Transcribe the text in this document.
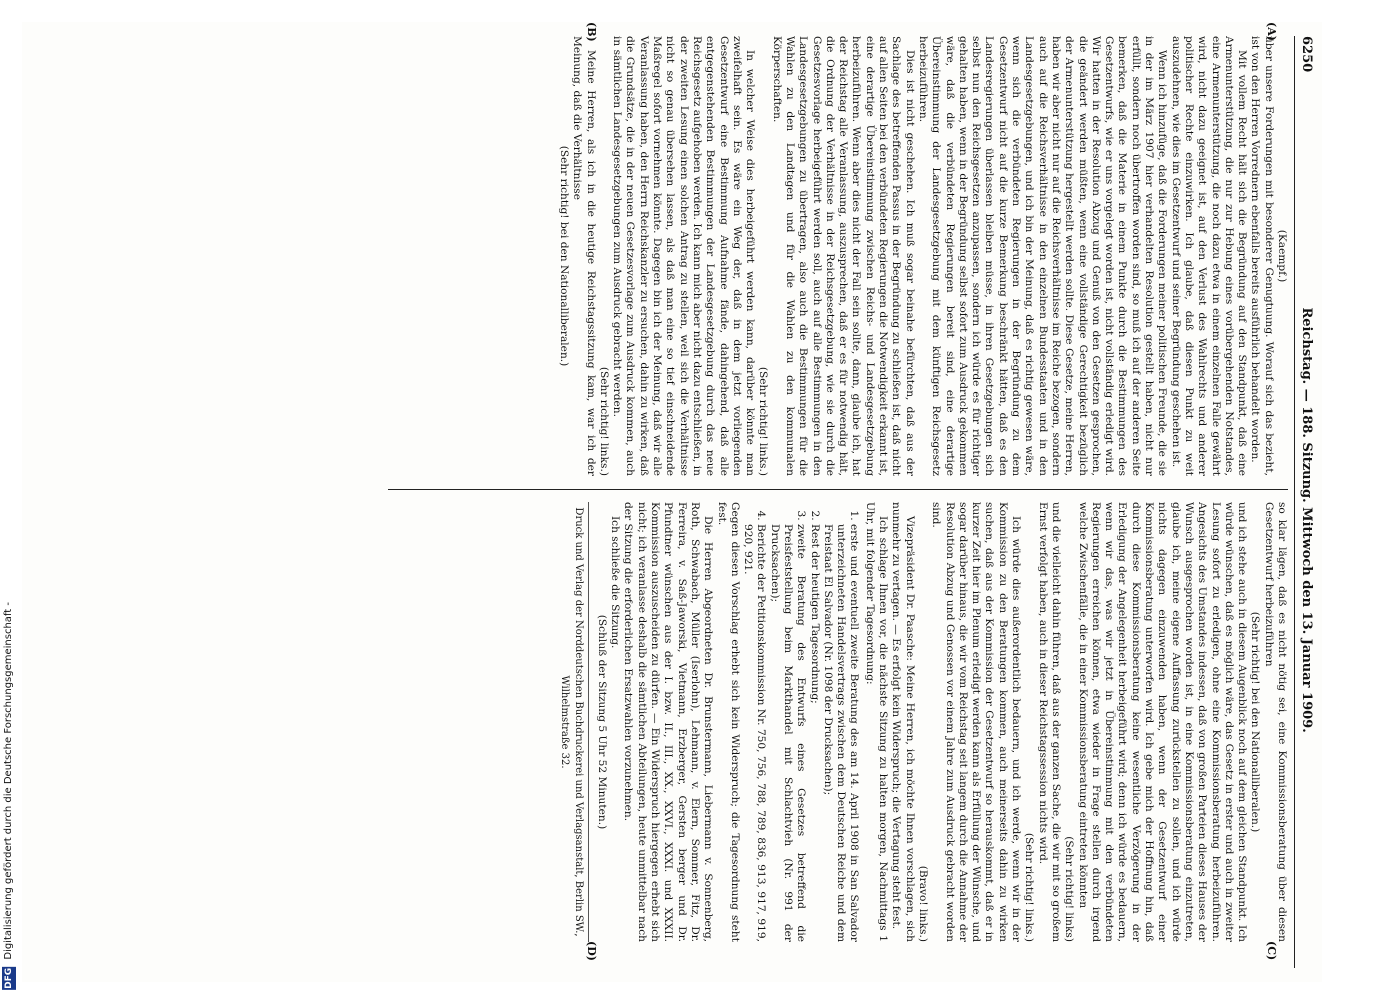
6250
Reichstag. — 188. Sitzung. Mittwoch den 13. Januar 1909.
(A)
(B)
(C)
(D)

(Kaempf.)

über unsere Forderungen mit besonderer Genugtuung. Worauf sich das bezieht, ist von den Herren Vorrednern ebenfalls bereits ausführlich behandelt worden.

Mit vollem Recht hält sich die Begründung auf den Standpunkt, daß eine Armenunterstützung, die nur zur Hebung eines vorübergehenden Notstandes, eine Armenunterstützung, die noch dazu etwa in einem einzelnen Falle gewährt wird, nicht dazu geeignet ist, auf den Verlust des Wahlrechts und anderer politischer Rechte einzuwirken. Ich glaube, daß diesen Punkt zu weit auszudehnen, wie dies im Gesetzentwurf und seiner Begründung geschehen ist.

Wenn ich hinzufüge, daß die Forderungen meiner politischen Freunde, die sie in der im März 1907 hier verhandelten Resolution gestellt haben, nicht nur erfüllt, sondern noch übertroffen worden sind, so muß ich auf der anderen Seite bemerken, daß die Materie in einem Punkte durch die Bestimmungen des Gesetzentwurfs, wie er uns vorgelegt worden ist, nicht vollständig erledigt wird. Wir hatten in der Resolution Abzug und Genuß von den Gesetzen gesprochen, die geändert werden müßten, wenn eine vollständige Gerechtigkeit bezüglich der Armenunterstützung hergestellt werden sollte. Diese Gesetze, meine Herren, haben wir aber nicht nur auf die Reichsverhältnisse im Reiche bezogen, sondern auch auf die Reichsverhältnisse in den einzelnen Bundesstaaten und in den Landesgesetzgebungen, und ich bin der Meinung, daß es richtig gewesen wäre, wenn sich die verbündeten Regierungen in der Begründung zu dem Gesetzentwurf nicht auf die kurze Bemerkung beschränkt hätten, daß es den Landesregierungen überlassen bleiben müsse, in ihren Gesetzgebungen sich selbst nun den Reichsgesetzen anzupassen, sondern ich würde es für richtiger gehalten haben, wenn in der Begründung selbst sofort zum Ausdruck gekommen wäre, daß die verbündeten Regierungen bereit sind, eine derartige Übereinstimmung der Landesgesetzgebung mit dem künftigen Reichsgesetz herbeizuführen.

Dies ist nicht geschehen. Ich muß sogar beinahe befürchten, daß aus der Sachlage des betreffenden Passus in der Begründung zu schließen ist, daß nicht auf allen Seiten bei den verbündeten Regierungen die Notwendigkeit erkannt ist, eine derartige Übereinstimmung zwischen Reichs- und Landesgesetzgebung herbeizuführen. Wenn aber dies nicht der Fall sein sollte, dann, glaube ich, hat der Reichstag alle Veranlassung, auszusprechen, daß er es für notwendig hält, die Ordnung der Verhältnisse in der Reichsgesetzgebung, wie sie durch die Gesetzesvorlage herbeigeführt werden soll, auch auf alle Bestimmungen in den Landesgesetzgebungen zu übertragen, also auch die Bestimmungen für die Wahlen zu den Landtagen und für die Wahlen zu den kommunalen Körperschaften.

(Sehr richtig! links.)

In welcher Weise dies herbeigeführt werden kann, darüber könnte man zweifelhaft sein. Es wäre ein Weg der, daß in dem jetzt vorliegenden Gesetzentwurf eine Bestimmung Aufnahme fände, dahingehend, daß alle entgegenstehenden Bestimmungen der Landesgesetzgebung durch das neue Reichsgesetz aufgehoben werden. Ich kann mich aber nicht dazu entschließen, in der zweiten Lesung einen solchen Antrag zu stellen, weil sich die Verhältnisse nicht so genau übersehen lassen, als daß man eine so tief einschneidende Maßregel sofort vornehmen könnte. Dagegen bin ich der Meinung, daß wir alle Veranlassung haben, den Herrn Reichskanzler zu ersuchen, dahin zu wirken, daß die Grundsätze, die in der neuen Gesetzesvorlage zum Ausdruck kommen, auch in sämtlichen Landesgesetzgebungen zum Ausdruck gebracht werden.

(Sehr richtig! links.)

Meine Herren, als ich in die heutige Reichstagssitzung kam, war ich der Meinung, daß die Verhältnisse

(Sehr richtig! bei den Nationalliberalen.)

so klar lägen, daß es nicht nötig sei, eine Kommissionsberatung über diesen Gesetzentwurf herbeizuführen

(Sehr richtig! bei den Nationalliberalen.)

und ich stehe auch in diesem Augenblick noch auf dem gleichen Standpunkt. Ich würde wünschen, daß es möglich wäre, das Gesetz in erster und auch in zweiter Lesung sofort zu erledigen, ohne eine Kommissionsberatung herbeizuführen. Angesichts des Umstandes indessen, daß von großen Parteien dieses Hauses der Wunsch ausgesprochen worden ist, in eine Kommissionsberatung einzutreten, glaube ich, meine eigene Auffassung zurückstellen zu sollen, und ich würde nichts dagegen einzuwenden haben, wenn der Gesetzentwurf einer Kommissionsberatung unterworfen wird. Ich gebe mich der Hoffnung hin, daß durch diese Kommissionsberatung keine wesentliche Verzögerung in der Erledigung der Angelegenheit herbeigeführt wird; denn ich würde es bedauern, wenn wir das, was wir jetzt in Übereinstimmung mit den verbündeten Regierungen erreichen können, etwa wieder in Frage stellen durch irgend welche Zwischenfälle, die in einer Kommissionsberatung eintreten könnten

(Sehr richtig! links)

und die vielleicht dahin führen, daß aus der ganzen Sache, die wir mit so großem Ernst verfolgt haben, auch in dieser Reichstagssession nichts wird.

(Sehr richtig! links.)

Ich würde dies außerordentlich bedauern, und ich werde, wenn wir in der Kommission zu den Beratungen kommen, auch meinerseits dahin zu wirken suchen, daß aus der Kommission der Gesetzentwurf so herauskommt, daß er in kurzer Zeit hier im Plenum erledigt werden kann als Erfüllung der Wünsche, und sogar darüber hinaus, die wir vom Reichstag seit langem durch die Annahme der Resolution Abzug und Genossen vor einem Jahre zum Ausdruck gebracht worden sind.

(Bravo! links.)

Vizepräsident Dr. Paasche: Meine Herren, ich möchte Ihnen vorschlagen, sich nunmehr zu vertagen. — Es erfolgt kein Widerspruch; die Vertagung steht fest.

Ich schlage Ihnen vor, die nächste Sitzung zu halten morgen, Nachmittags 1 Uhr, mit folgender Tagesordnung:

1. erste und eventuell zweite Beratung des am 14. April 1908 in San Salvador unterzeichneten Handelsvertrags zwischen dem Deutschen Reiche und dem Freistaat El Salvador (Nr. 1098 der Drucksachen);
2. Rest der heutigen Tagesordnung;
3. zweite Beratung des Entwurfs eines Gesetzes betreffend die Preisfeststellung beim Markthandel mit Schlachtvieh (Nr. 991 der Drucksachen);
4. Berichte der Petitionskommission Nr. 750, 756, 788, 789, 836, 913, 917, 919, 920, 921.

Gegen diesen Vorschlag erhebt sich kein Widerspruch; die Tagesordnung steht fest.

Die Herren Abgeordneten Dr. Brunstermann, Liebermann v. Sonnenberg, Roth, Schwabach, Müller (Iserlohn), Lehmann, v. Elern, Sommer, Fitz, Dr. Ferreira, v. Saß-Jaworski, Vietmann, Erzberger, Gersten berger und Dr. Pfundtner wünschen aus der I. bzw. II., III., XX., XXVI., XXXI. und XXXII. Kommission auszuscheiden zu dürfen. — Ein Widerspruch hiergegen erhebt sich nicht; ich veranlasse deshalb die sämtlichen Abteilungen, heute unmittelbar nach der Sitzung die erforderlichen Ersatzwahlen vorzunehmen.

Ich schließe die Sitzung.

(Schluß der Sitzung 5 Uhr 52 Minuten.)

Druck und Verlag der Norddeutschen Buchdruckerei und Verlagsanstalt, Berlin SW., Wilhelmstraße 32.
DFG Digitalisierung gefördert durch die Deutsche Forschungsgemeinschaft -
